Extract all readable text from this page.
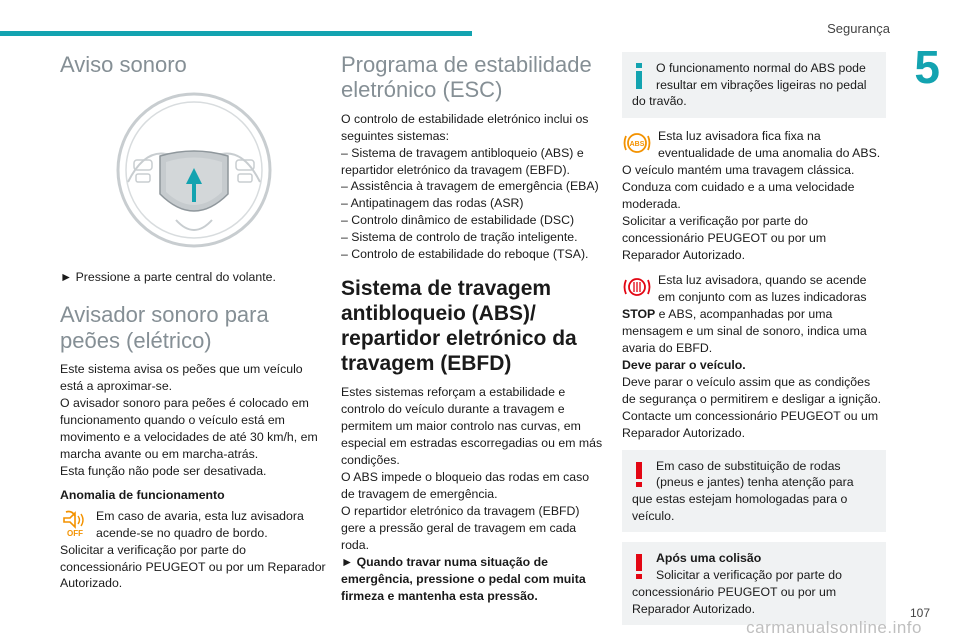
Segurança
5
Aviso sonoro

► Pressione a parte central do volante.

Avisador sonoro para peões (elétrico)

Este sistema avisa os peões que um veículo está a aproximar-se.

O avisador sonoro para peões é colocado em funcionamento quando o veículo está em movimento e a velocidades de até 30 km/h, em marcha avante ou em marcha-atrás.

Esta função não pode ser desativada.

Anomalia de funcionamento

OFF

Em caso de avaria, esta luz avisadora acende-se no quadro de bordo.

Solicitar a verificação por parte do concessionário PEUGEOT ou por um Reparador Autorizado.

Programa de estabilidade eletrónico (ESC)

O controlo de estabilidade eletrónico inclui os seguintes sistemas:

– Sistema de travagem antibloqueio (ABS) e repartidor eletrónico da travagem (EBFD).

– Assistência à travagem de emergência (EBA)

– Antipatinagem das rodas (ASR)

– Controlo dinâmico de estabilidade (DSC)

– Sistema de controlo de tração inteligente.

– Controlo de estabilidade do reboque (TSA).

Sistema de travagem antibloqueio (ABS)/ repartidor eletrónico da travagem (EBFD)

Estes sistemas reforçam a estabilidade e controlo do veículo durante a travagem e permitem um maior controlo nas curvas, em especial em estradas escorregadias ou em más condições.

O ABS impede o bloqueio das rodas em caso de travagem de emergência.

O repartidor eletrónico da travagem (EBFD) gere a pressão geral de travagem em cada roda.

► Quando travar numa situação de emergência, pressione o pedal com muita firmeza e mantenha esta pressão.

O funcionamento normal do ABS pode resultar em vibrações ligeiras no pedal do travão.

ABS

Esta luz avisadora fica fixa na eventualidade de uma anomalia do ABS.

O veículo mantém uma travagem clássica. Conduza com cuidado e a uma velocidade moderada.

Solicitar a verificação por parte do concessionário PEUGEOT ou por um Reparador Autorizado.

Esta luz avisadora, quando se acende em conjunto com as luzes indicadoras STOP e ABS, acompanhadas por uma mensagem e um sinal de sonoro, indica uma avaria do EBFD.

Deve parar o veículo.

Deve parar o veículo assim que as condições de segurança o permitirem e desligar a ignição.

Contacte um concessionário PEUGEOT ou um Reparador Autorizado.

Em caso de substituição de rodas (pneus e jantes) tenha atenção para que estas estejam homologadas para o veículo.

Após uma colisão

Solicitar a verificação por parte do concessionário PEUGEOT ou por um Reparador Autorizado.	107
carmanualsonline.info
